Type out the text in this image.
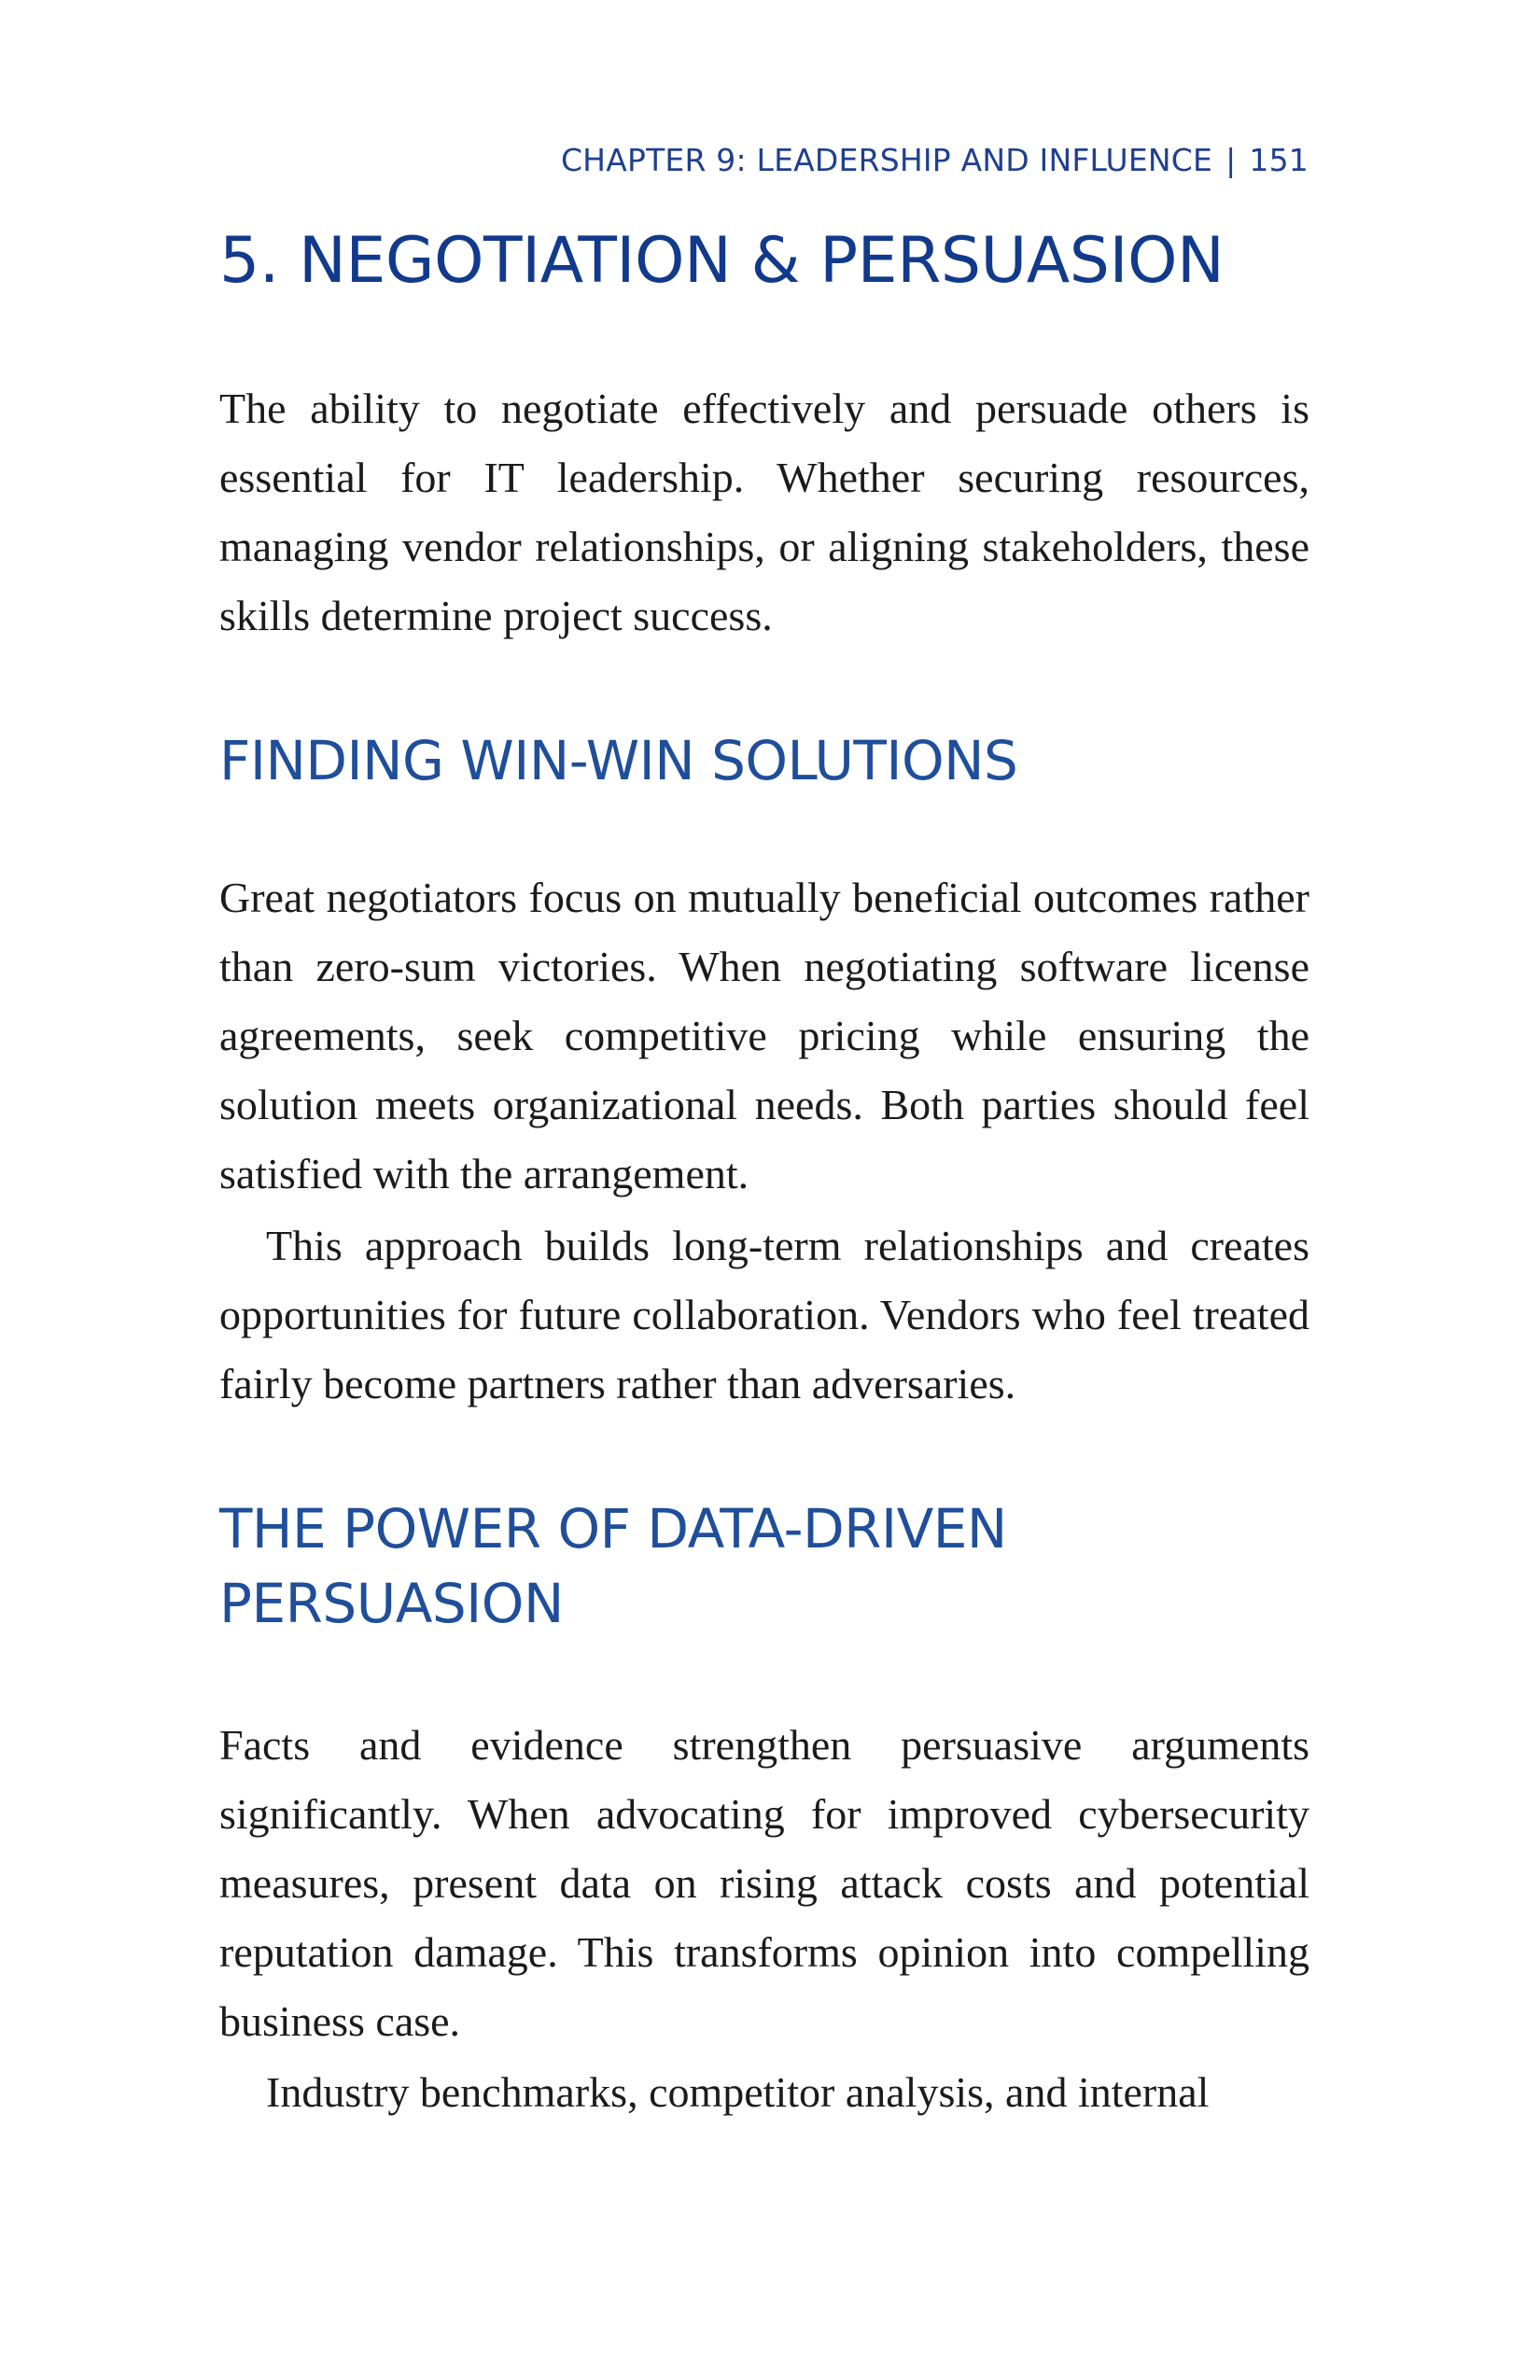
CHAPTER 9: LEADERSHIP AND INFLUENCE | 151
5. NEGOTIATION & PERSUASION

The ability to negotiate effectively and persuade others is essential for IT leadership. Whether securing resources, managing vendor relationships, or aligning stakeholders, these skills determine project success.

FINDING WIN-WIN SOLUTIONS

Great negotiators focus on mutually beneficial outcomes rather than zero-sum victories. When negotiating software license agreements, seek competitive pricing while ensuring the solution meets organizational needs. Both parties should feel satisfied with the arrangement.

This approach builds long-term relationships and creates opportunities for future collaboration. Vendors who feel treated fairly become partners rather than adversaries.

THE POWER OF DATA-DRIVEN PERSUASION

Facts and evidence strengthen persuasive arguments significantly. When advocating for improved cybersecurity measures, present data on rising attack costs and potential reputation damage. This transforms opinion into compelling business case.

Industry benchmarks, competitor analysis, and internal
